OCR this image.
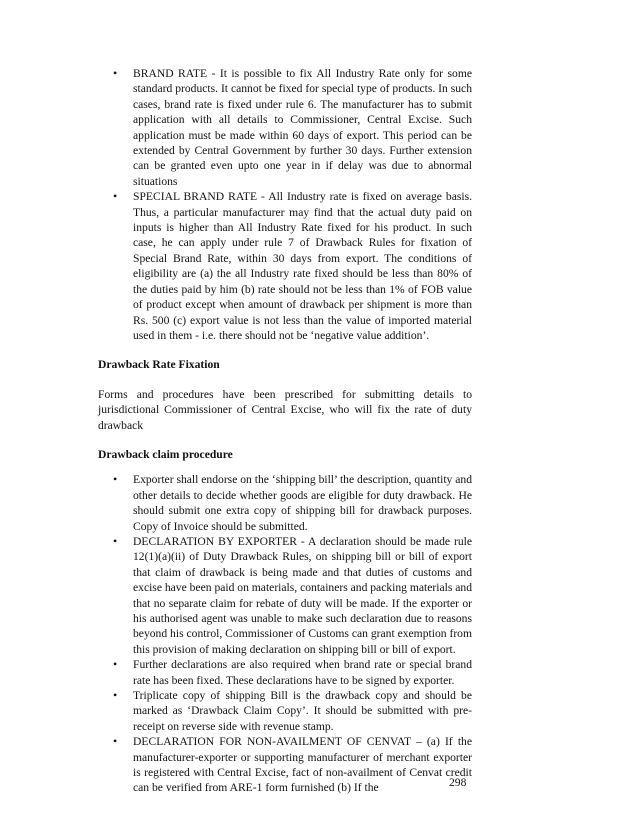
• BRAND RATE - It is possible to fix All Industry Rate only for some standard products. It cannot be fixed for special type of products. In such cases, brand rate is fixed under rule 6. The manufacturer has to submit application with all details to Commissioner, Central Excise. Such application must be made within 60 days of export. This period can be extended by Central Government by further 30 days. Further extension can be granted even upto one year in if delay was due to abnormal situations
• SPECIAL BRAND RATE - All Industry rate is fixed on average basis. Thus, a particular manufacturer may find that the actual duty paid on inputs is higher than All Industry Rate fixed for his product. In such case, he can apply under rule 7 of Drawback Rules for fixation of Special Brand Rate, within 30 days from export. The conditions of eligibility are (a) the all Industry rate fixed should be less than 80% of the duties paid by him (b) rate should not be less than 1% of FOB value of product except when amount of drawback per shipment is more than Rs. 500 (c) export value is not less than the value of imported material used in them - i.e. there should not be ‘negative value addition’.

Drawback Rate Fixation

Forms and procedures have been prescribed for submitting details to jurisdictional Commissioner of Central Excise, who will fix the rate of duty drawback

Drawback claim procedure

• Exporter shall endorse on the ‘shipping bill’ the description, quantity and other details to decide whether goods are eligible for duty drawback. He should submit one extra copy of shipping bill for drawback purposes. Copy of Invoice should be submitted.
• DECLARATION BY EXPORTER - A declaration should be made rule 12(1)(a)(ii) of Duty Drawback Rules, on shipping bill or bill of export that claim of drawback is being made and that duties of customs and excise have been paid on materials, containers and packing materials and that no separate claim for rebate of duty will be made. If the exporter or his authorised agent was unable to make such declaration due to reasons beyond his control, Commissioner of Customs can grant exemption from this provision of making declaration on shipping bill or bill of export.
• Further declarations are also required when brand rate or special brand rate has been fixed. These declarations have to be signed by exporter.
• Triplicate copy of shipping Bill is the drawback copy and should be marked as ‘Drawback Claim Copy’. It should be submitted with pre-receipt on reverse side with revenue stamp.
• DECLARATION FOR NON-AVAILMENT OF CENVAT – (a) If the manufacturer-exporter or supporting manufacturer of merchant exporter is registered with Central Excise, fact of non-availment of Cenvat credit can be verified from ARE-1 form furnished (b) If the	298
